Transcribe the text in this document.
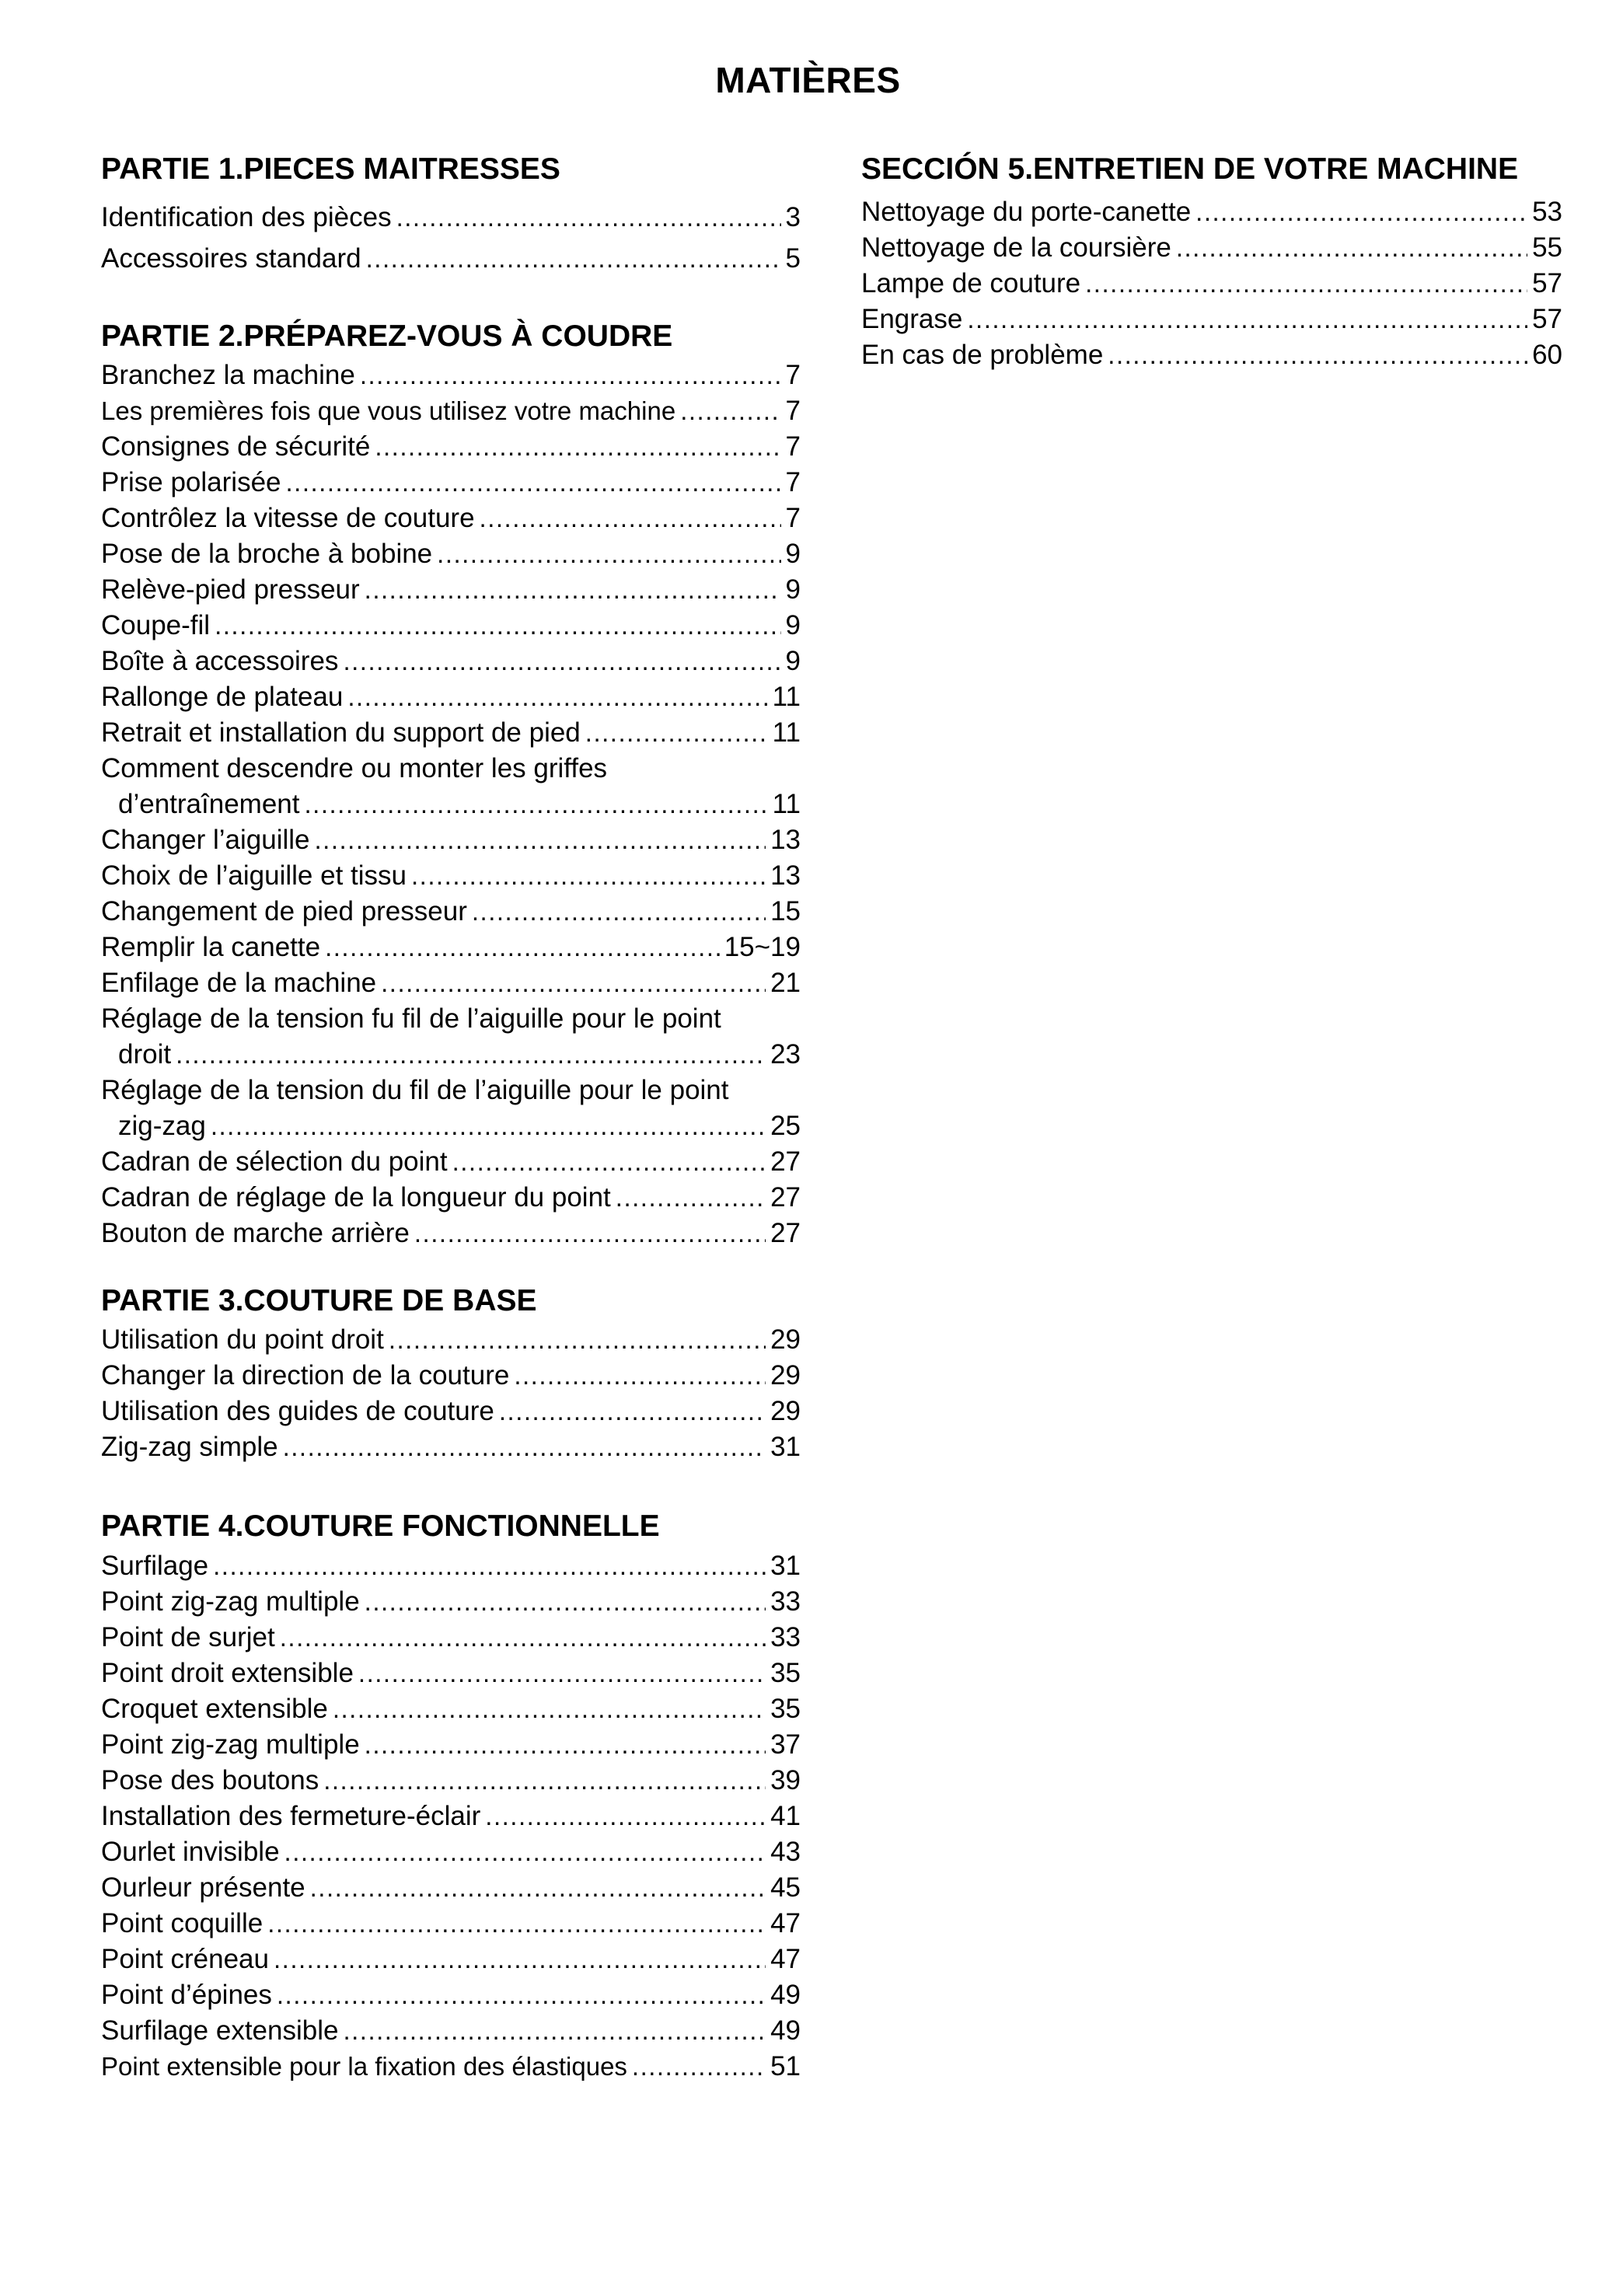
MATIÈRES
PARTIE 1.PIECES MAITRESSES
Identification des pièces .....	3
Accessoires standard .....	5
PARTIE 2.PRÉPAREZ-VOUS À COUDRE
Branchez la machine .....	7
Les premières fois que vous utilisez votre machine .....	7
Consignes de sécurité .....	7
Prise polarisée .....	7
Contrôlez la vitesse de couture .....	7
Pose de la broche à bobine .....	9
Relève-pied presseur .....	9
Coupe-fil .....	9
Boîte à accessoires .....	9
Rallonge de plateau .....	11
Retrait et installation du support de pied .....	11
Comment descendre ou monter les griffes
d’entraînement .....	11
Changer l’aiguille .....	13
Choix de l’aiguille et tissu .....	13
Changement de pied presseur .....	15
Remplir la canette .....	15~19
Enfilage de la machine .....	21
Réglage de la tension fu fil de l’aiguille pour le point
droit .....	23
Réglage de la tension du fil de l’aiguille pour le point
zig-zag .....	25
Cadran de sélection du point .....	27
Cadran de réglage de la longueur du point .....	27
Bouton de marche arrière .....	27
PARTIE 3.COUTURE DE BASE
Utilisation du point droit .....	29
Changer la direction de la couture .....	29
Utilisation des guides de couture .....	29
Zig-zag simple .....	31
PARTIE 4.COUTURE FONCTIONNELLE
Surfilage .....	31
Point zig-zag multiple .....	33
Point de surjet .....	33
Point droit extensible .....	35
Croquet extensible .....	35
Point zig-zag multiple .....	37
Pose des boutons .....	39
Installation des fermeture-éclair .....	41
Ourlet invisible .....	43
Ourleur présente .....	45
Point coquille .....	47
Point créneau .....	47
Point d’épines .....	49
Surfilage extensible .....	49
Point extensible pour la fixation des élastiques .....	51
SECCIÓN 5.ENTRETIEN DE VOTRE MACHINE
Nettoyage du porte-canette .....	53
Nettoyage de la coursière .....	55
Lampe de couture .....	57
Engrase .....	57
En cas de problème .....	60
